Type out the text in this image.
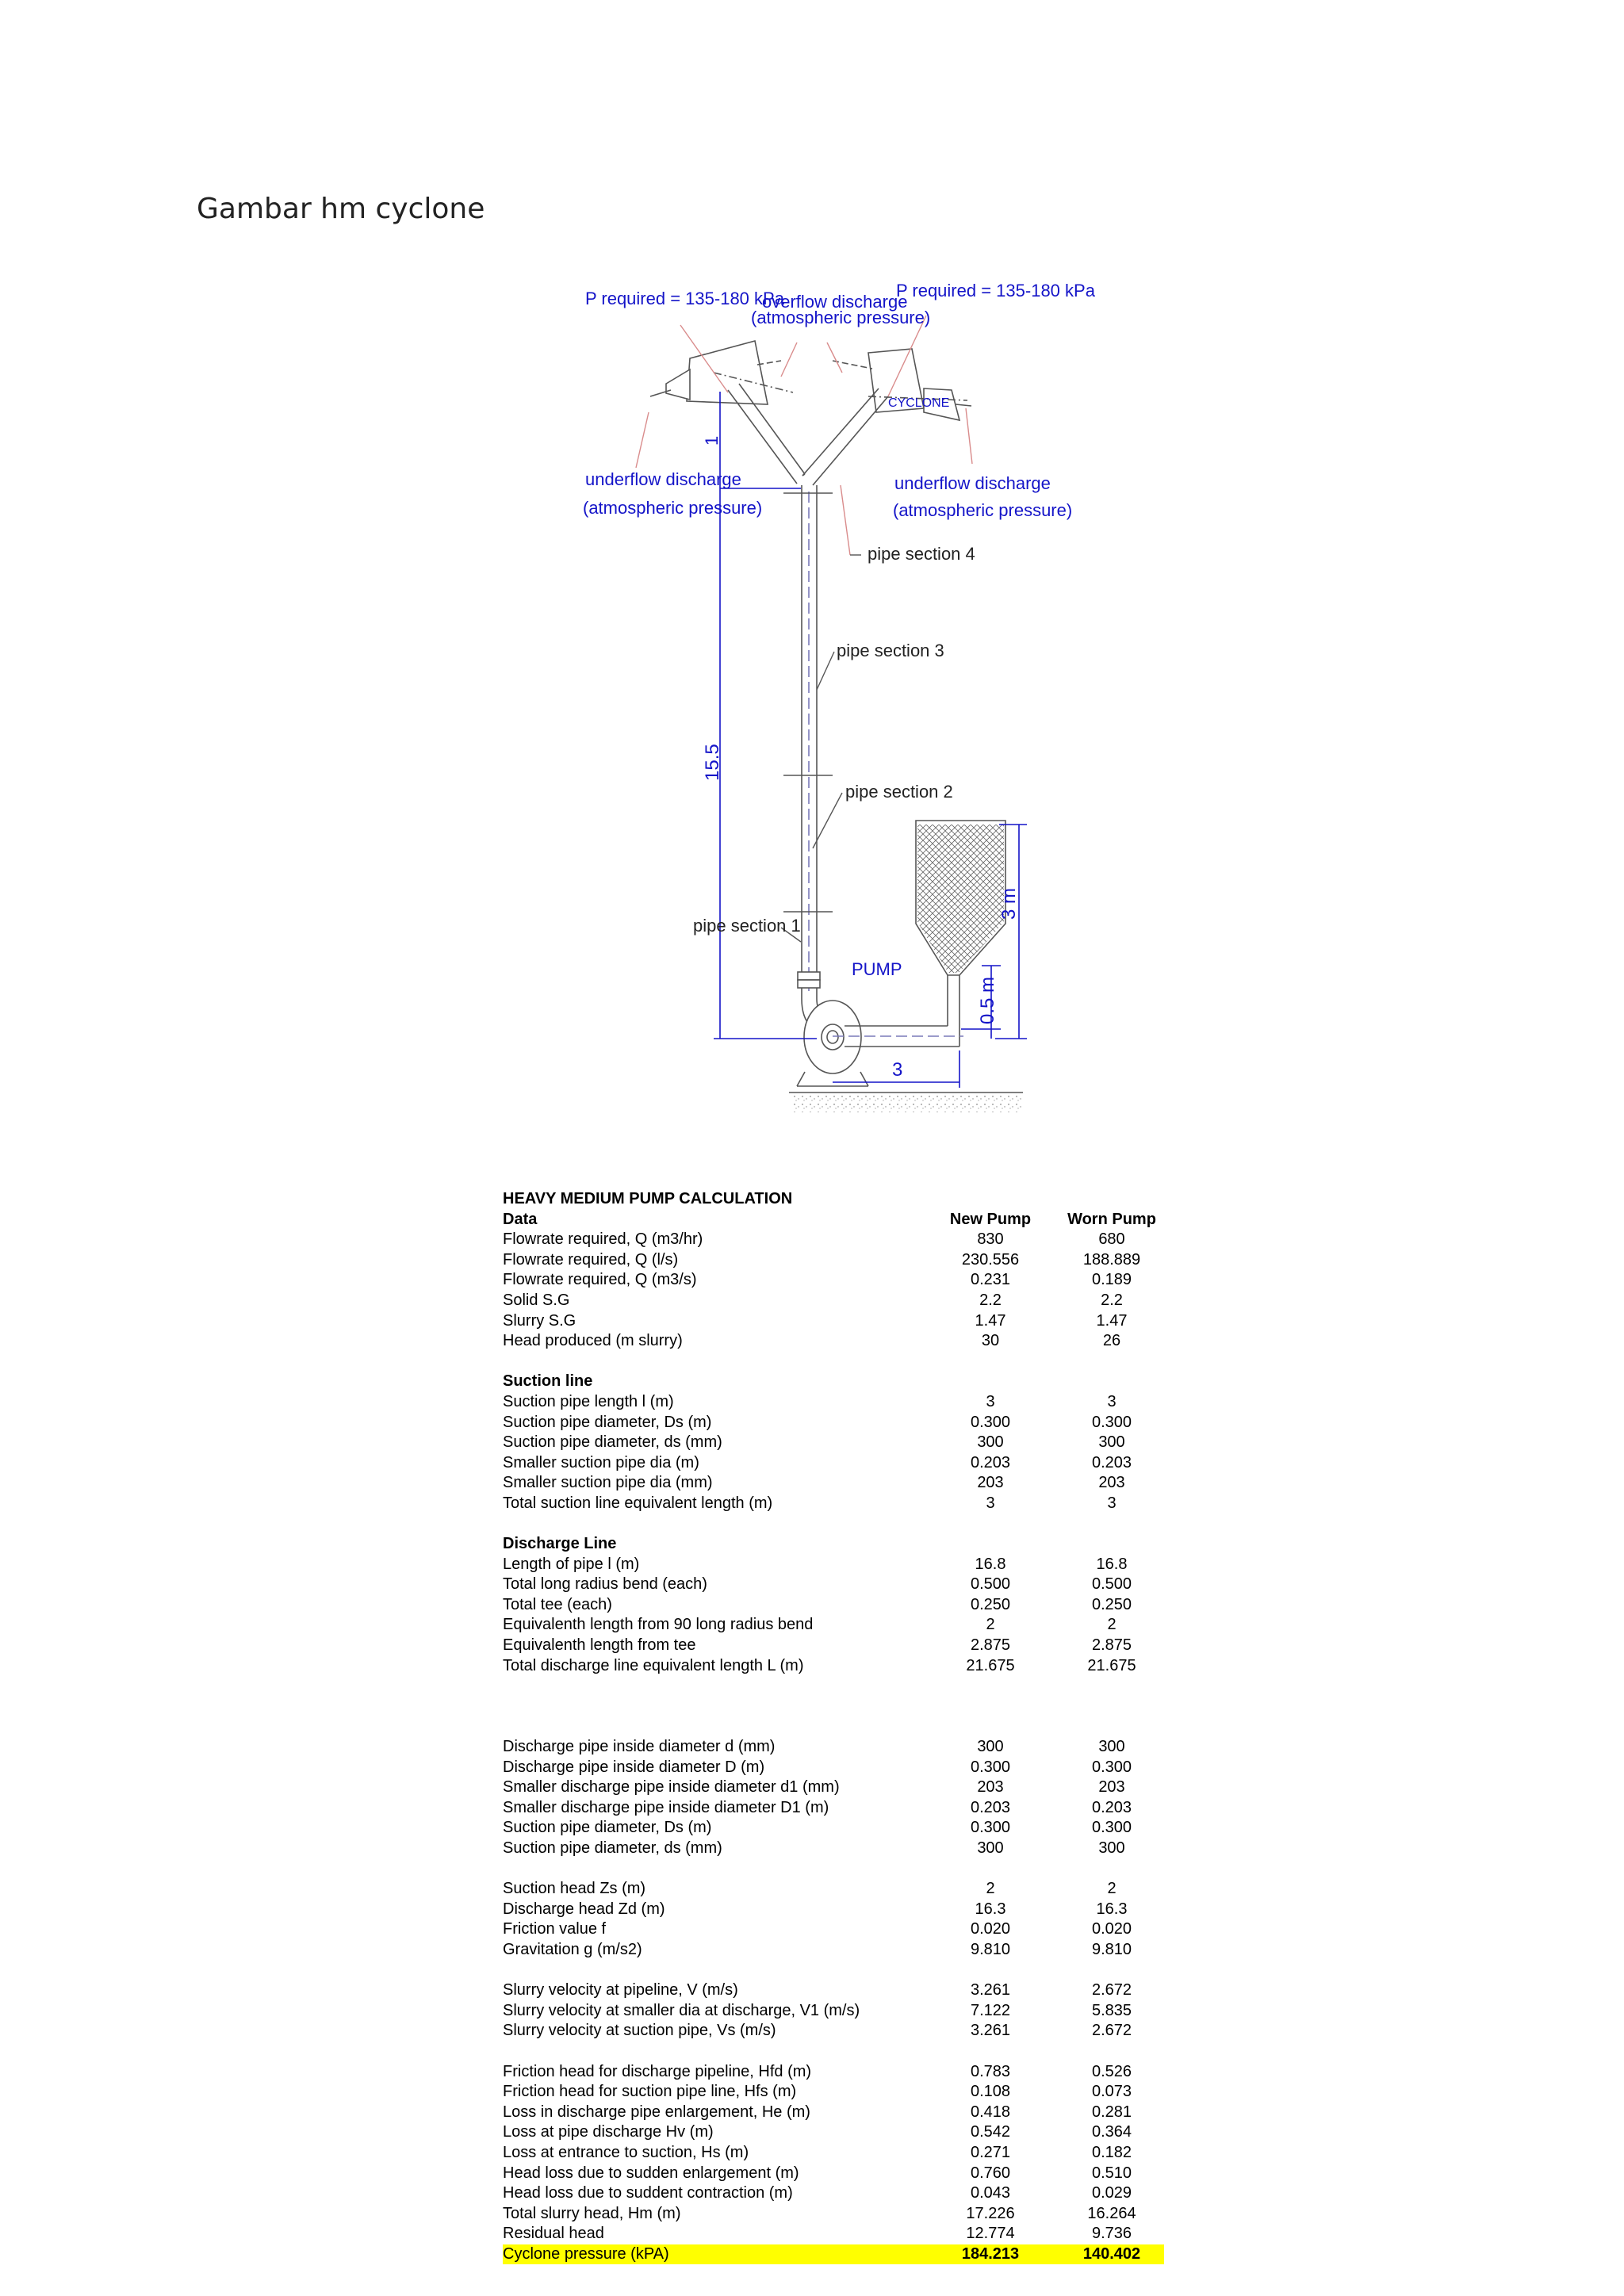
Gambar hm cyclone
P required = 135-180 kPa	P required = 135-180 kPa
overflow discharge
(atmospheric pressure)
CYCLONE
underflow discharge
(atmospheric pressure)
underflow discharge
(atmospheric pressure)
pipe section 4
pipe section 3
pipe section 2
pipe section 1
PUMP
1
15.5
3 m
0.5 m
3
HEAVY MEDIUM PUMP CALCULATION
Data	New Pump	Worn Pump
Flowrate required, Q (m3/hr)	830	680
Flowrate required, Q (l/s)	230.556	188.889
Flowrate required, Q (m3/s)	0.231	0.189
Solid S.G	2.2	2.2
Slurry S.G	1.47	1.47
Head produced (m slurry)	30	26
Suction line
Suction pipe length l (m)	3	3
Suction pipe diameter, Ds (m)	0.300	0.300
Suction pipe diameter, ds (mm)	300	300
Smaller suction pipe dia (m)	0.203	0.203
Smaller suction pipe dia (mm)	203	203
Total suction line equivalent length (m)	3	3
Discharge Line
Length of pipe l (m)	16.8	16.8
Total long radius bend (each)	0.500	0.500
Total tee (each)	0.250	0.250
Equivalenth length from 90 long radius bend	2	2
Equivalenth length from tee	2.875	2.875
Total discharge line equivalent length L (m)	21.675	21.675
Discharge pipe inside diameter d (mm)	300	300
Discharge pipe inside diameter D (m)	0.300	0.300
Smaller discharge pipe inside diameter d1 (mm)	203	203
Smaller discharge pipe inside diameter D1 (m)	0.203	0.203
Suction pipe diameter, Ds (m)	0.300	0.300
Suction pipe diameter, ds (mm)	300	300
Suction head Zs (m)	2	2
Discharge head Zd (m)	16.3	16.3
Friction value f	0.020	0.020
Gravitation g (m/s2)	9.810	9.810
Slurry velocity at pipeline, V (m/s)	3.261	2.672
Slurry velocity at smaller dia at discharge, V1 (m/s)	7.122	5.835
Slurry velocity at suction pipe, Vs (m/s)	3.261	2.672
Friction head for discharge pipeline, Hfd (m)	0.783	0.526
Friction head for suction pipe line, Hfs (m)	0.108	0.073
Loss in discharge pipe enlargement, He (m)	0.418	0.281
Loss at pipe discharge Hv (m)	0.542	0.364
Loss at entrance to suction, Hs (m)	0.271	0.182
Head loss due to sudden enlargement (m)	0.760	0.510
Head loss due to suddent contraction (m)	0.043	0.029
Total slurry head, Hm (m)	17.226	16.264
Residual head	12.774	9.736
Cyclone pressure (kPA)	184.213	140.402
